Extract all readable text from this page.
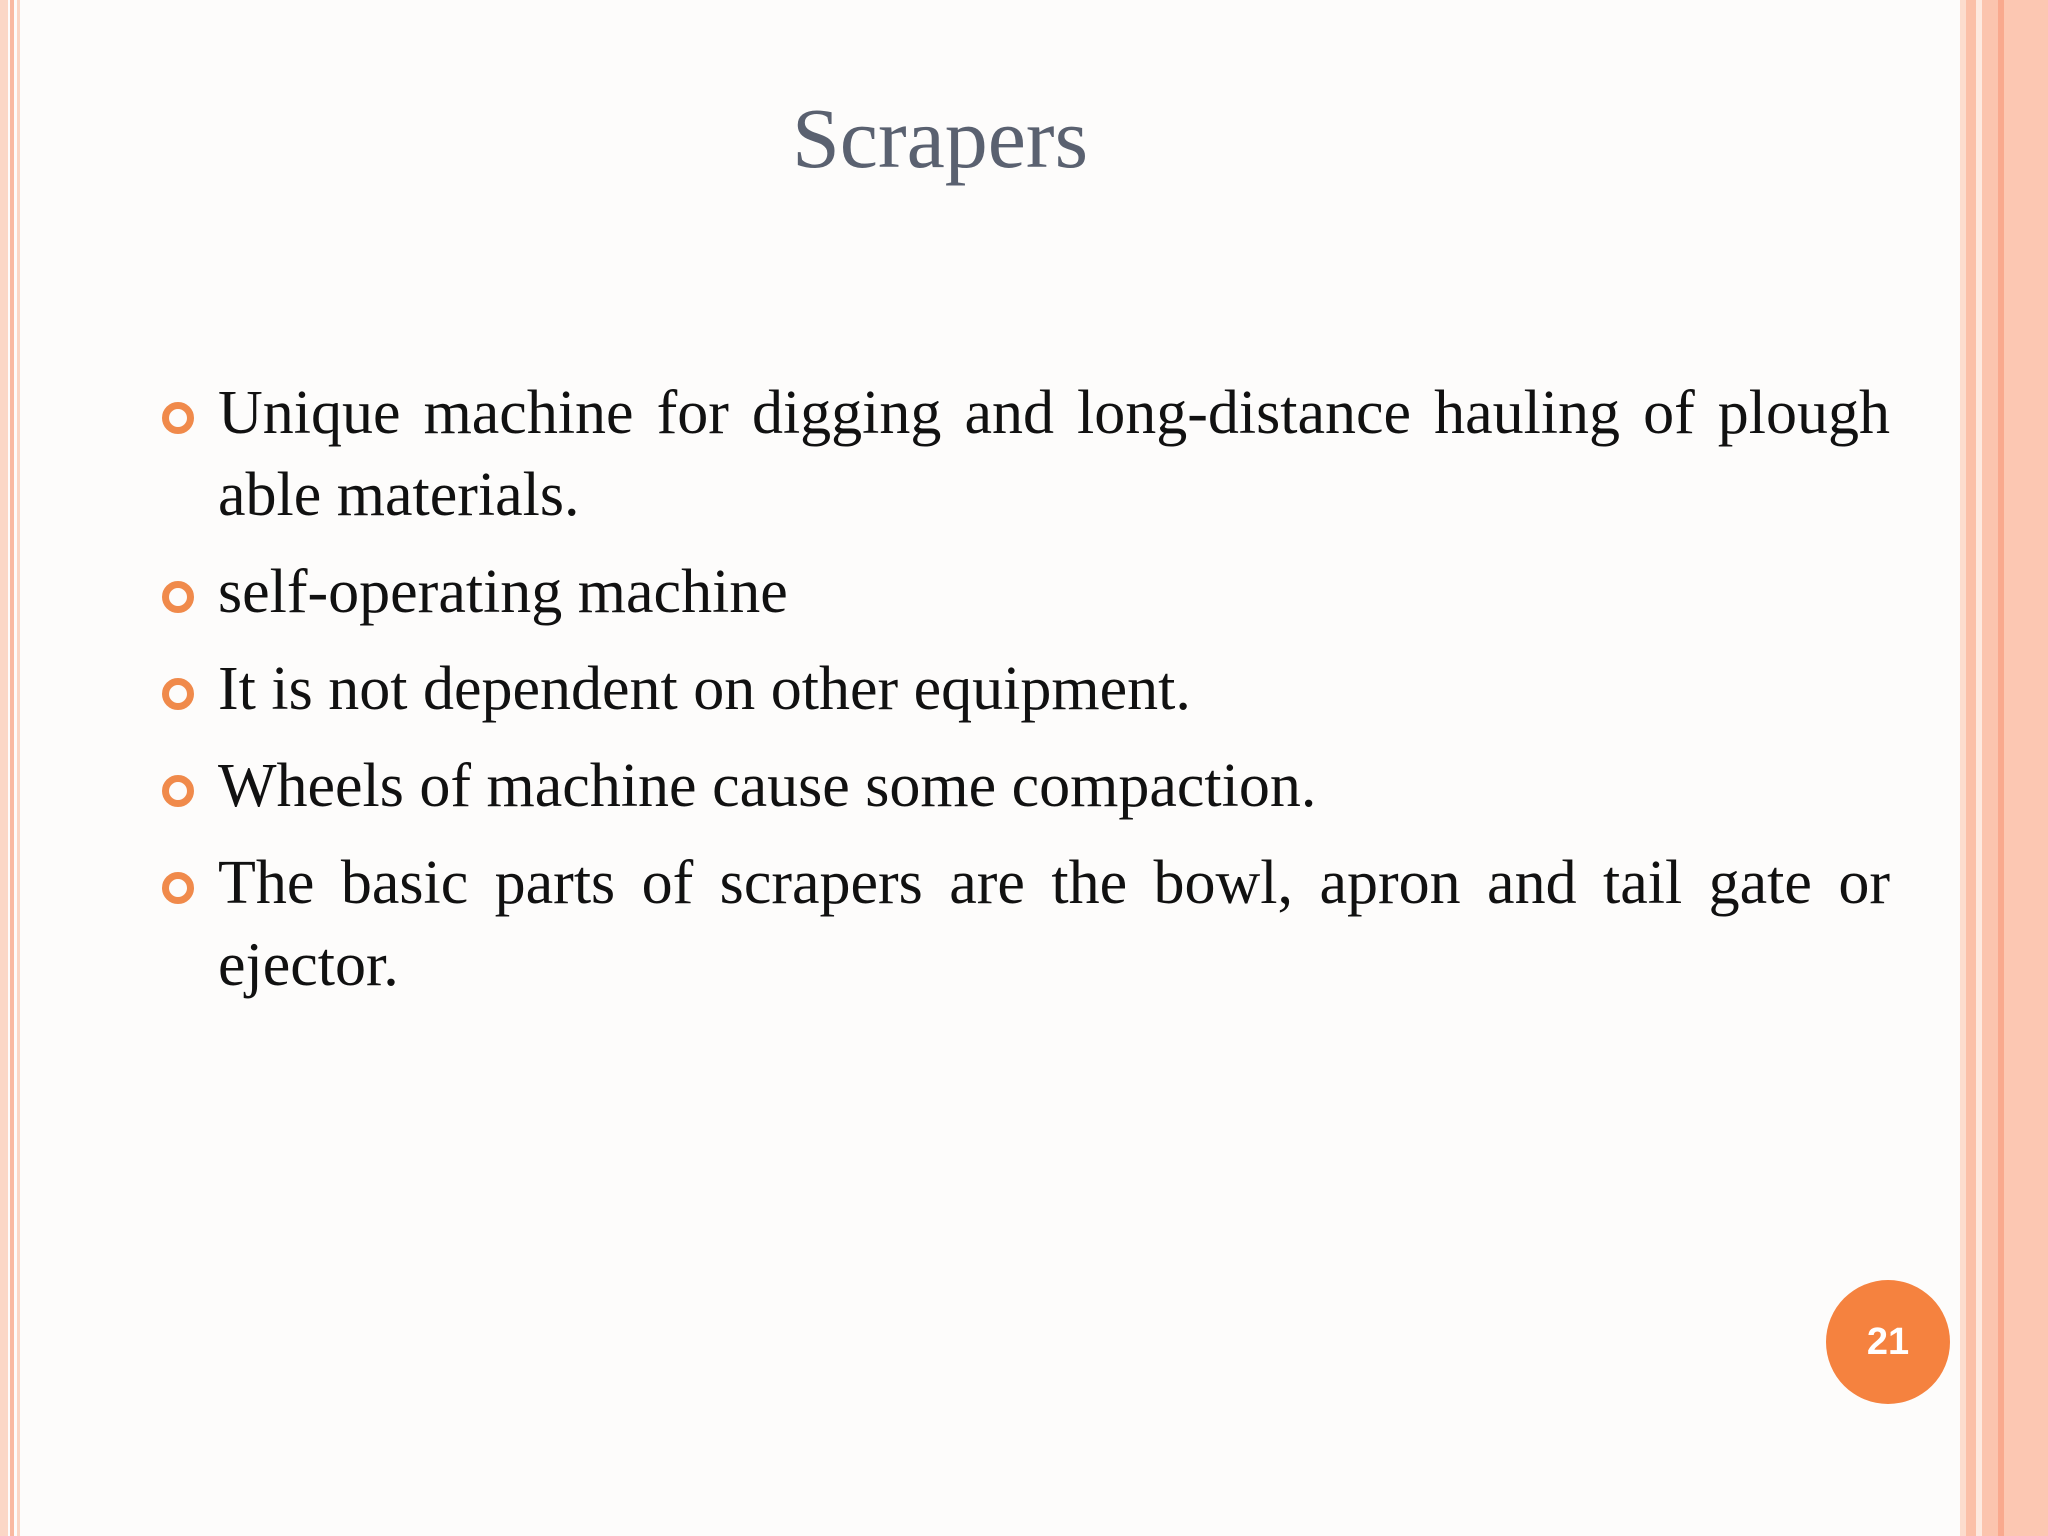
Scrapers
Unique machine for digging and long-distance hauling of plough able materials.
self-operating machine
It is not dependent on other equipment.
Wheels of machine cause some compaction.
The basic parts of scrapers are the bowl, apron and tail gate or ejector.
21
